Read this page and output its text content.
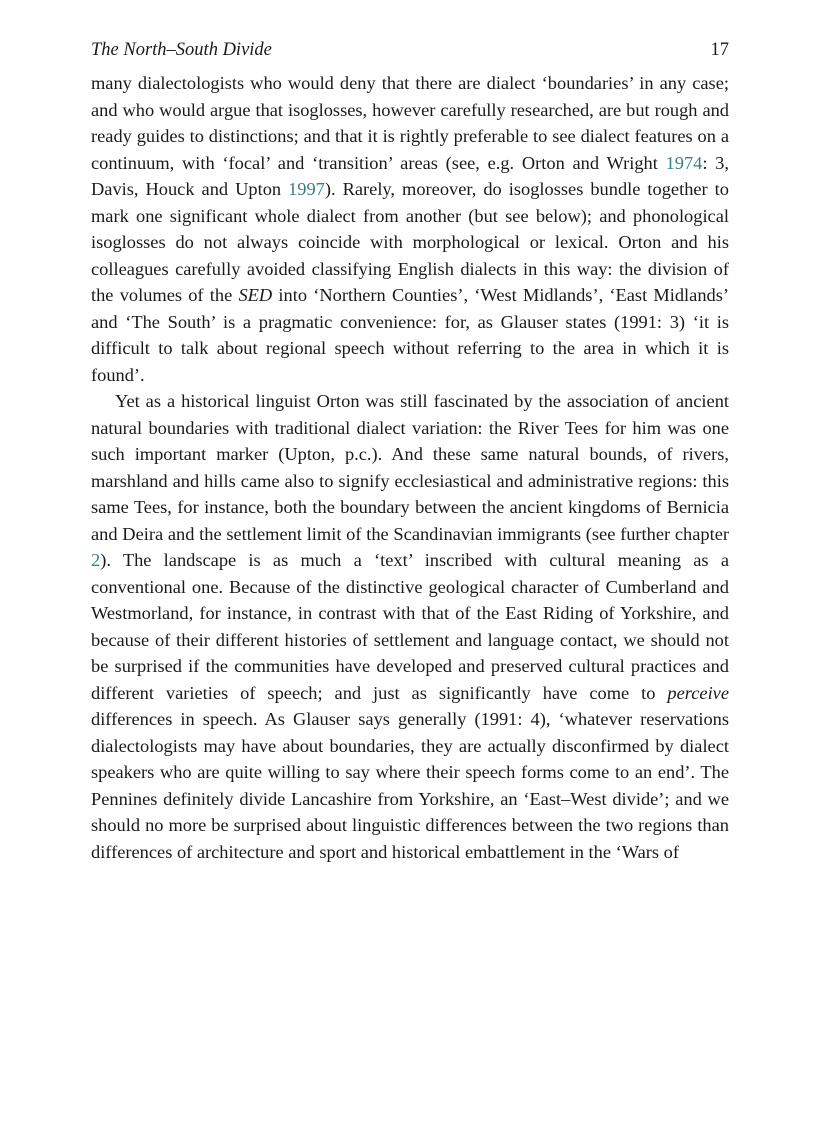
The North–South Divide	17

many dialectologists who would deny that there are dialect ‘boundaries’ in any case; and who would argue that isoglosses, however carefully researched, are but rough and ready guides to distinctions; and that it is rightly preferable to see dialect features on a continuum, with ‘focal’ and ‘transition’ areas (see, e.g. Orton and Wright 1974: 3, Davis, Houck and Upton 1997). Rarely, moreover, do isoglosses bundle together to mark one significant whole dialect from another (but see below); and phonological isoglosses do not always coincide with morphological or lexical. Orton and his colleagues carefully avoided classifying English dialects in this way: the division of the volumes of the SED into ‘Northern Counties’, ‘West Midlands’, ‘East Midlands’ and ‘The South’ is a pragmatic convenience: for, as Glauser states (1991: 3) ‘it is difficult to talk about regional speech without referring to the area in which it is found’.

Yet as a historical linguist Orton was still fascinated by the association of ancient natural boundaries with traditional dialect variation: the River Tees for him was one such important marker (Upton, p.c.). And these same natural bounds, of rivers, marshland and hills came also to signify ecclesiastical and administrative regions: this same Tees, for instance, both the boundary between the ancient kingdoms of Bernicia and Deira and the settlement limit of the Scandinavian immigrants (see further chapter 2). The landscape is as much a ‘text’ inscribed with cultural meaning as a conventional one. Because of the distinctive geological character of Cumberland and Westmorland, for instance, in contrast with that of the East Riding of Yorkshire, and because of their different histories of settlement and language contact, we should not be surprised if the communities have developed and preserved cultural practices and different varieties of speech; and just as significantly have come to perceive differences in speech. As Glauser says generally (1991: 4), ‘whatever reservations dialectologists may have about boundaries, they are actually disconfirmed by dialect speakers who are quite willing to say where their speech forms come to an end’. The Pennines definitely divide Lancashire from Yorkshire, an ‘East–West divide’; and we should no more be surprised about linguistic differences between the two regions than differences of architecture and sport and historical embattlement in the ‘Wars of
